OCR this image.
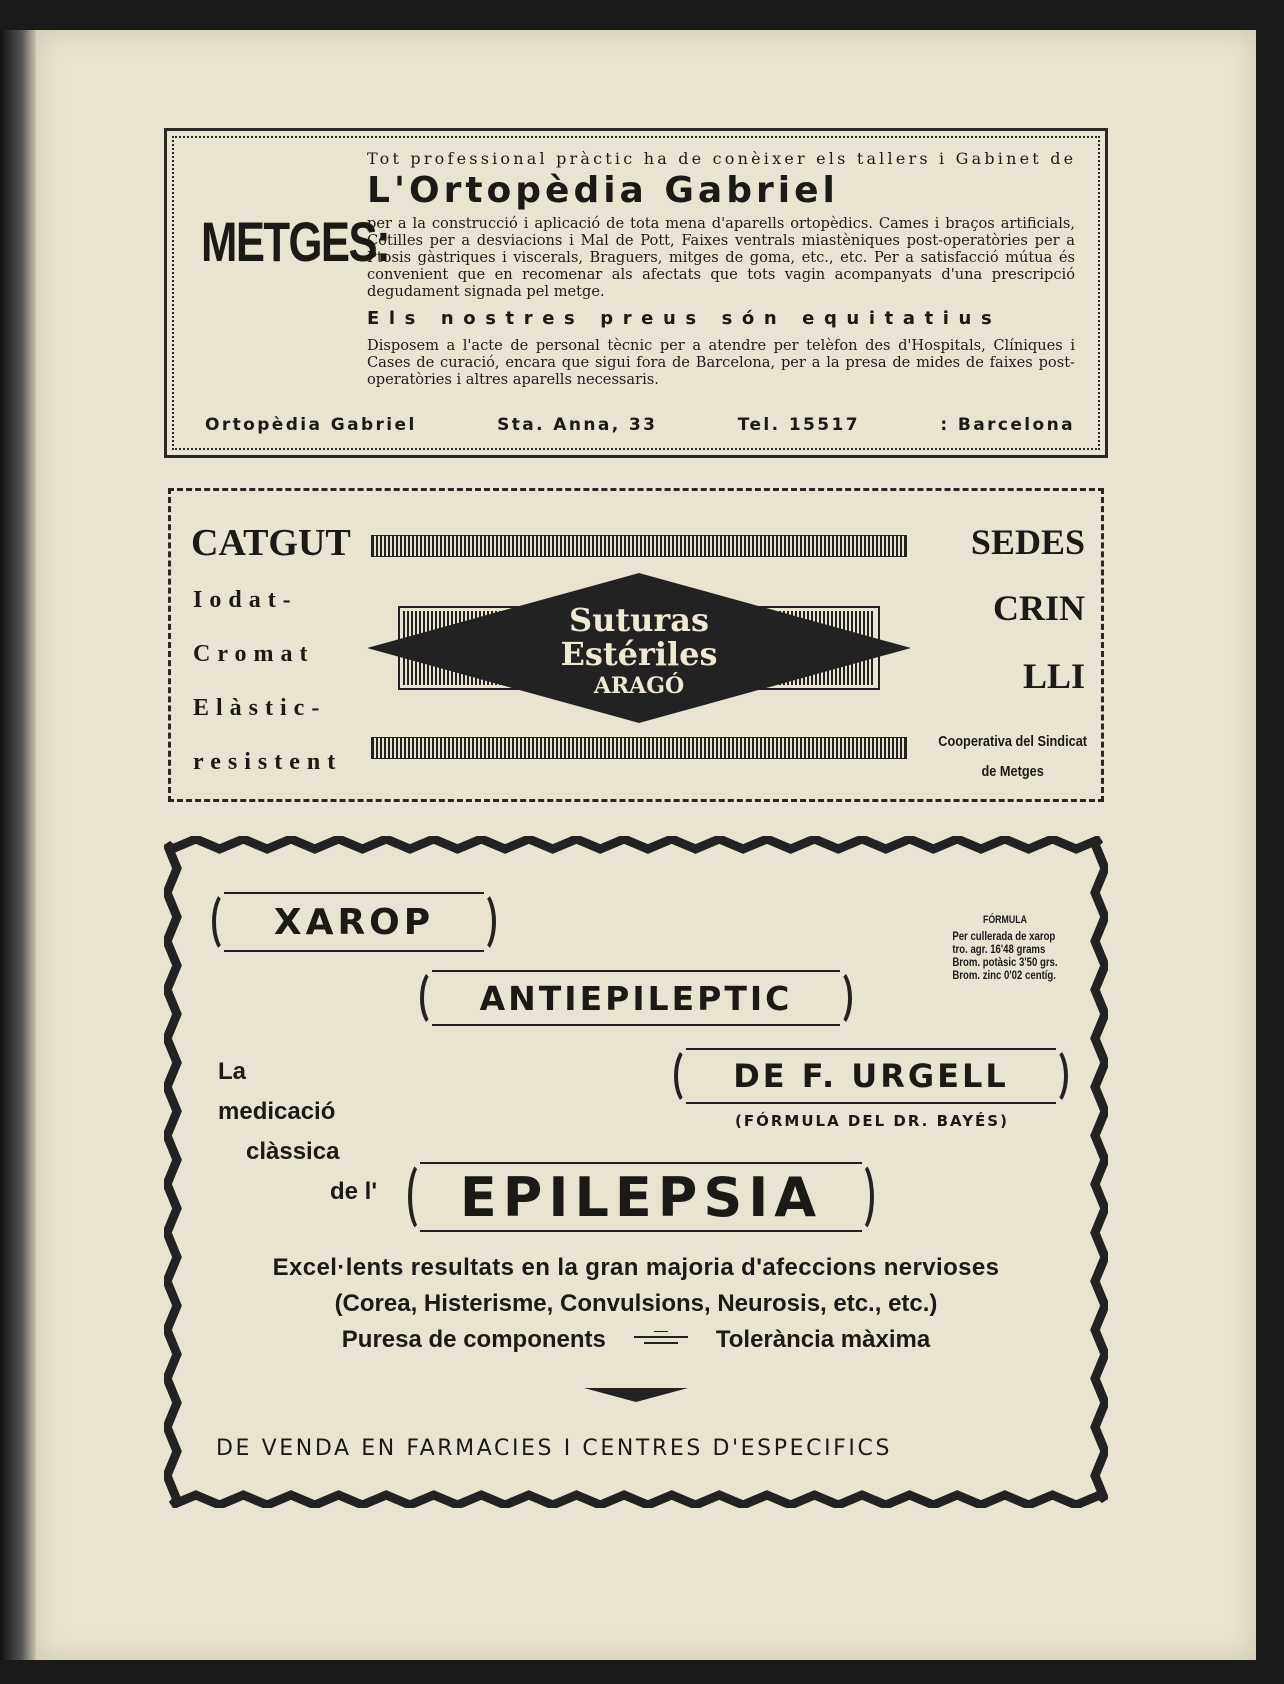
METGES:
Tot professional pràctic ha de conèixer els tallers i Gabinet de
L'Ortopèdia Gabriel
per a la construcció i aplicació de tota mena d'aparells ortopèdics. Cames i braços artificials, Cotilles per a desviacions i Mal de Pott, Faixes ventrals miastèniques post-operatòries per a Ptosis gàstriques i viscerals, Braguers, mitges de goma, etc., etc. Per a satisfacció mútua és convenient que en recomenar als afectats que tots vagin acompanyats d'una prescripció degudament signada pel metge.
Els nostres preus són equitatius
Disposem a l'acte de personal tècnic per a atendre per telèfon des d'Hospitals, Clíniques i Cases de curació, encara que sigui fora de Barcelona, per a la presa de mides de faixes post-operatòries i altres aparells necessaris.
Ortopèdia Gabriel	Sta. Anna, 33	Tel. 15517	: Barcelona
CATGUT
Iodat-
Cromat
Elàstic-
resistent
Suturas
Estériles
ARAGÓ
SEDES
CRIN
LLI
Cooperativa del Sindicat
de Metges
XAROP	FÓRMULA
Per cullerada de xarop
tro. agr. 16'48 grams
Brom. potàsic 3'50 grs.
Brom. zinc 0'02 centíg.
ANTIEPILEPTIC
La
medicació
clàssica
de l'
DE F. URGELL
(FÓRMULA DEL DR. BAYÉS)
EPILEPSIA
Excel·lents resultats en la gran majoria d'afeccions nervioses
(Corea, Histerisme, Convulsions, Neurosis, etc., etc.)
Puresa de components	Tolerància màxima
DE VENDA EN FARMACIES I CENTRES D'ESPECIFICS
